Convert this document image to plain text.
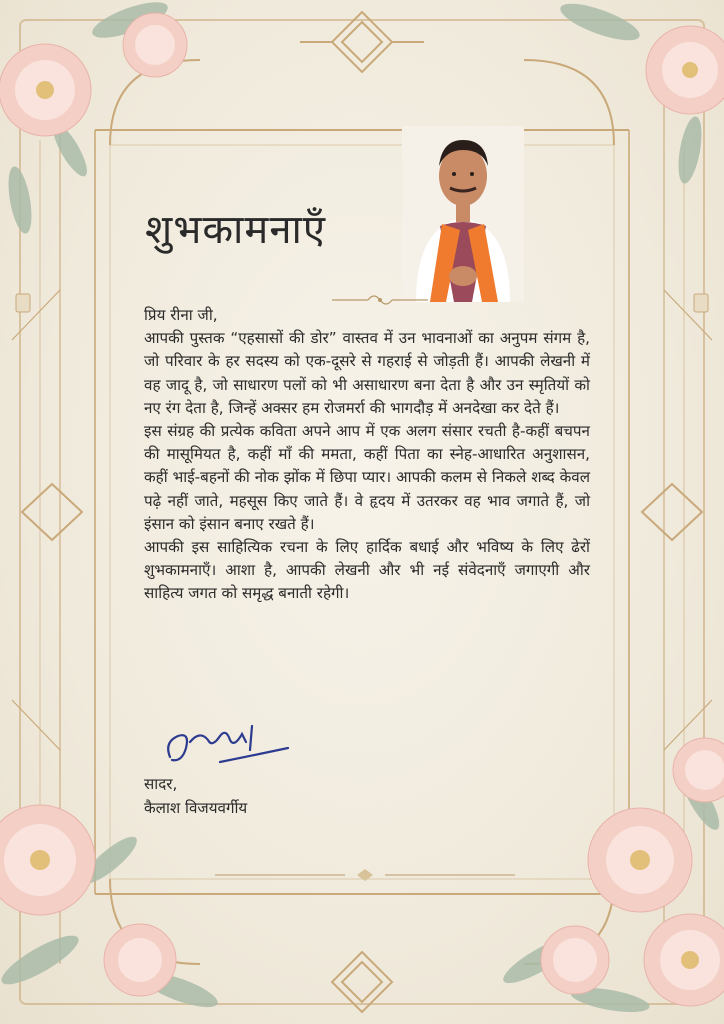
शुभकामनाएँ

प्रिय रीना जी,

आपकी पुस्तक “एहसासों की डोर” वास्तव में उन भावनाओं का अनुपम संगम है, जो परिवार के हर सदस्य को एक-दूसरे से गहराई से जोड़ती हैं। आपकी लेखनी में वह जादू है, जो साधारण पलों को भी असाधारण बना देता है और उन स्मृतियों को नए रंग देता है, जिन्हें अक्सर हम रोजमर्रा की भागदौड़ में अनदेखा कर देते हैं।

इस संग्रह की प्रत्येक कविता अपने आप में एक अलग संसार रचती है-कहीं बचपन की मासूमियत है, कहीं माँ की ममता, कहीं पिता का स्नेह-आधारित अनुशासन, कहीं भाई-बहनों की नोक झोंक में छिपा प्यार। आपकी कलम से निकले शब्द केवल पढ़े नहीं जाते, महसूस किए जाते हैं। वे हृदय में उतरकर वह भाव जगाते हैं, जो इंसान को इंसान बनाए रखते हैं।

आपकी इस साहित्यिक रचना के लिए हार्दिक बधाई और भविष्य के लिए ढेरों शुभकामनाएँ। आशा है, आपकी लेखनी और भी नई संवेदनाएँ जगाएगी और साहित्य जगत को समृद्ध बनाती रहेगी।

सादर,
कैलाश विजयवर्गीय
